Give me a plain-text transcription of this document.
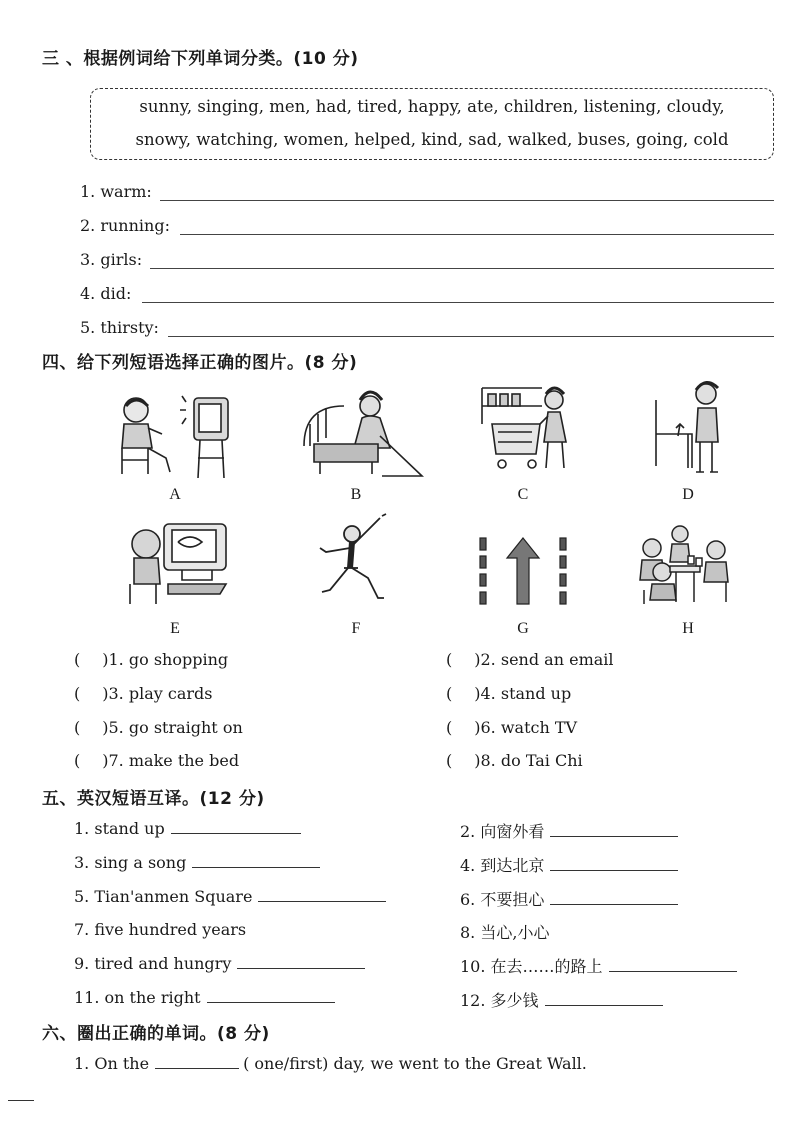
三 、根据例词给下列单词分类。(10 分)
sunny, singing, men, had, tired, happy, ate, children, listening, cloudy,
snowy, watching, women, helped, kind, sad, walked, buses, going, cold
1. warm:
2. running:
3. girls:
4. did:
5. thirsty:
四、给下列短语选择正确的图片。(8 分)
A	B	C	D
E	F	G	H
( )1. go shopping	( )2. send an email
( )3. play cards	( )4. stand up
( )5. go straight on	( )6. watch TV
( )7. make the bed	( )8. do Tai Chi
五、英汉短语互译。(12 分)
1. stand up	2. 向窗外看
3. sing a song	4. 到达北京
5. Tian'anmen Square	6. 不要担心
7. five hundred years	8. 当心,小心
9. tired and hungry	10. 在去……的路上
11. on the right	12. 多少钱
六、圈出正确的单词。(8 分)
1. On the	( one/first) day, we went to the Great Wall.
